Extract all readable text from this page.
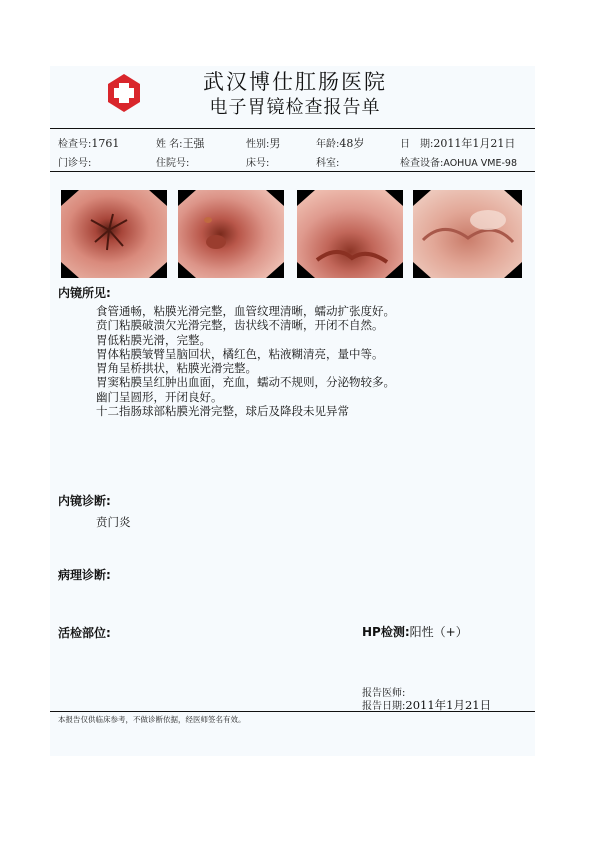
武汉博仕肛肠医院
电子胃镜检查报告单
检查号:1761	姓 名:王强	性别:男	年龄:48岁	日　期:2011年1月21日
门诊号:	住院号:	床号:	科室:	检查设备:AOHUA VME-98
内镜所见:
食管通畅，粘膜光滑完整，血管纹理清晰，蠕动扩张度好。
贲门粘膜破溃欠光滑完整，齿状线不清晰，开闭不自然。
胃低粘膜光滑，完整。
胃体粘膜皱臂呈脑回状，橘红色，粘液糊清亮，量中等。
胃角呈桥拱状，粘膜光滑完整。
胃窦粘膜呈红肿出血面，充血，蠕动不规则，分泌物较多。
幽门呈圆形，开闭良好。
十二指肠球部粘膜光滑完整，球后及降段未见异常
内镜诊断:
贲门炎
病理诊断:
活检部位:	HP检测:阳性（+）
报告医师:
报告日期:2011年1月21日
本报告仅供临床参考，不做诊断依据，经医师签名有效。
